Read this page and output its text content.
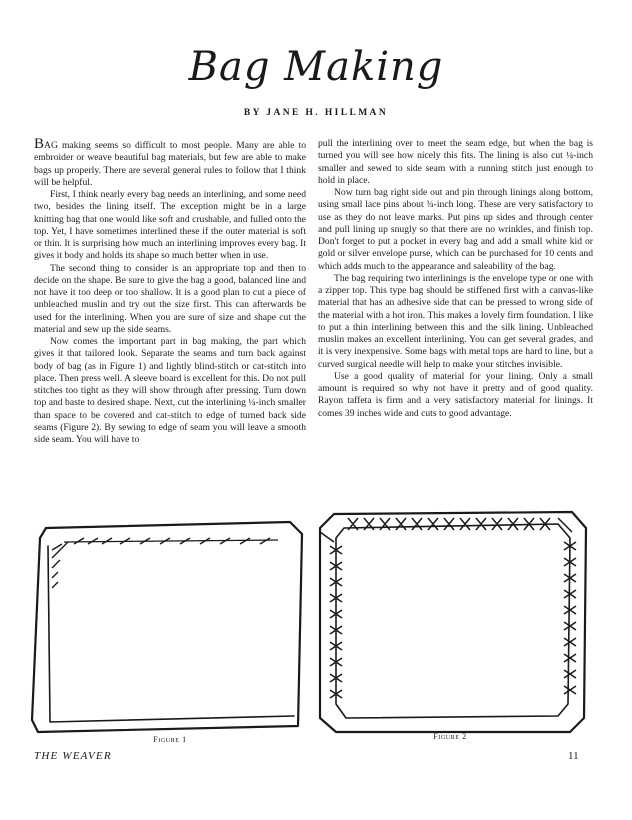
Bag Making
BY JANE H. HILLMAN

BAG making seems so difficult to most people. Many are able to embroider or weave beautiful bag materials, but few are able to make bags up properly. There are several general rules to follow that I think will be helpful.

First, I think nearly every bag needs an interlining, and some need two, besides the lining itself. The exception might be in a large knitting bag that one would like soft and crushable, and fulled onto the top. Yet, I have sometimes interlined these if the outer material is soft or thin. It is surprising how much an interlining improves every bag. It gives it body and holds its shape so much better when in use.

The second thing to consider is an appropriate top and then to decide on the shape. Be sure to give the bag a good, balanced line and not have it too deep or too shallow. It is a good plan to cut a piece of unbleached muslin and try out the size first. This can afterwards be used for the interlining. When you are sure of size and shape cut the material and sew up the side seams.

Now comes the important part in bag making, the part which gives it that tailored look. Separate the seams and turn back against body of bag (as in Figure 1) and lightly blind-stitch or cat-stitch into place. Then press well. A sleeve board is excellent for this. Do not pull stitches too tight as they will show through after pressing. Turn down top and baste to desired shape. Next, cut the interlining ¼-inch smaller than space to be covered and cat-stitch to edge of turned back side seams (Figure 2). By sewing to edge of seam you will leave a smooth side seam. You will have to

pull the interlining over to meet the seam edge, but when the bag is turned you will see how nicely this fits. The lining is also cut ¼-inch smaller and sewed to side seam with a running stitch just enough to hold in place.

Now turn bag right side out and pin through linings along bottom, using small lace pins about ¾-inch long. These are very satisfactory to use as they do not leave marks. Put pins up sides and through center and pull lining up snugly so that there are no wrinkles, and finish top. Don't forget to put a pocket in every bag and add a small white kid or gold or silver envelope purse, which can be purchased for 10 cents and which adds much to the appearance and saleability of the bag.

The bag requiring two interlinings is the envelope type or one with a zipper top. This type bag should be stiffened first with a canvas-like material that has an adhesive side that can be pressed to wrong side of the material with a hot iron. This makes a lovely firm foundation. I like to put a thin interlining between this and the silk lining. Unbleached muslin makes an excellent interlining. You can get several grades, and it is very inexpensive. Some bags with metal tops are hard to line, but a curved surgical needle will help to make your stitches invisible.

Use a good quality of material for your lining. Only a small amount is required so why not have it pretty and of good quality. Rayon taffeta is firm and a very satisfactory material for linings. It comes 39 inches wide and cuts to good advantage.

Figure 1	Figure 2
THE WEAVER	11
